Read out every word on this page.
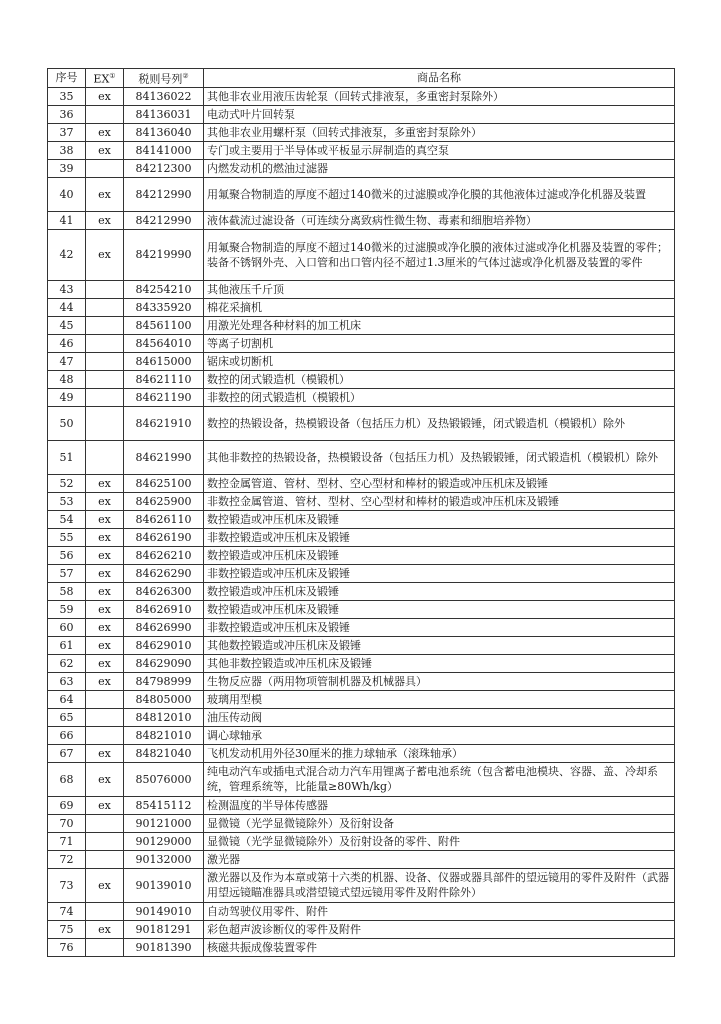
序号	EX①	税则号列②	商品名称
35	ex	84136022	其他非农业用液压齿轮泵（回转式排液泵，多重密封泵除外）
36		84136031	电动式叶片回转泵
37	ex	84136040	其他非农业用螺杆泵（回转式排液泵，多重密封泵除外）
38	ex	84141000	专门或主要用于半导体或平板显示屏制造的真空泵
39		84212300	内燃发动机的燃油过滤器
40	ex	84212990	用氟聚合物制造的厚度不超过140微米的过滤膜或净化膜的其他液体过滤或净化机器及装置
41	ex	84212990	液体截流过滤设备（可连续分离致病性微生物、毒素和细胞培养物）
42	ex	84219990	用氟聚合物制造的厚度不超过140微米的过滤膜或净化膜的液体过滤或净化机器及装置的零件；装备不锈钢外壳、入口管和出口管内径不超过1.3厘米的气体过滤或净化机器及装置的零件
43		84254210	其他液压千斤顶
44		84335920	棉花采摘机
45		84561100	用激光处理各种材料的加工机床
46		84564010	等离子切割机
47		84615000	锯床或切断机
48		84621110	数控的闭式锻造机（模锻机）
49		84621190	非数控的闭式锻造机（模锻机）
50		84621910	数控的热锻设备，热模锻设备（包括压力机）及热锻锻锤，闭式锻造机（模锻机）除外
51		84621990	其他非数控的热锻设备，热模锻设备（包括压力机）及热锻锻锤，闭式锻造机（模锻机）除外
52	ex	84625100	数控金属管道、管材、型材、空心型材和棒材的锻造或冲压机床及锻锤
53	ex	84625900	非数控金属管道、管材、型材、空心型材和棒材的锻造或冲压机床及锻锤
54	ex	84626110	数控锻造或冲压机床及锻锤
55	ex	84626190	非数控锻造或冲压机床及锻锤
56	ex	84626210	数控锻造或冲压机床及锻锤
57	ex	84626290	非数控锻造或冲压机床及锻锤
58	ex	84626300	数控锻造或冲压机床及锻锤
59	ex	84626910	数控锻造或冲压机床及锻锤
60	ex	84626990	非数控锻造或冲压机床及锻锤
61	ex	84629010	其他数控锻造或冲压机床及锻锤
62	ex	84629090	其他非数控锻造或冲压机床及锻锤
63	ex	84798999	生物反应器（两用物项管制机器及机械器具）
64		84805000	玻璃用型模
65		84812010	油压传动阀
66		84821010	调心球轴承
67	ex	84821040	飞机发动机用外径30厘米的推力球轴承（滚珠轴承）
68	ex	85076000	纯电动汽车或插电式混合动力汽车用锂离子蓄电池系统（包含蓄电池模块、容器、盖、冷却系统，管理系统等，比能量≥80Wh/kg）
69	ex	85415112	检测温度的半导体传感器
70		90121000	显微镜（光学显微镜除外）及衍射设备
71		90129000	显微镜（光学显微镜除外）及衍射设备的零件、附件
72		90132000	激光器
73	ex	90139010	激光器以及作为本章或第十六类的机器、设备、仪器或器具部件的望远镜用的零件及附件（武器用望远镜瞄准器具或潜望镜式望远镜用零件及附件除外）
74		90149010	自动驾驶仪用零件、附件
75	ex	90181291	彩色超声波诊断仪的零件及附件
76		90181390	核磁共振成像装置零件
